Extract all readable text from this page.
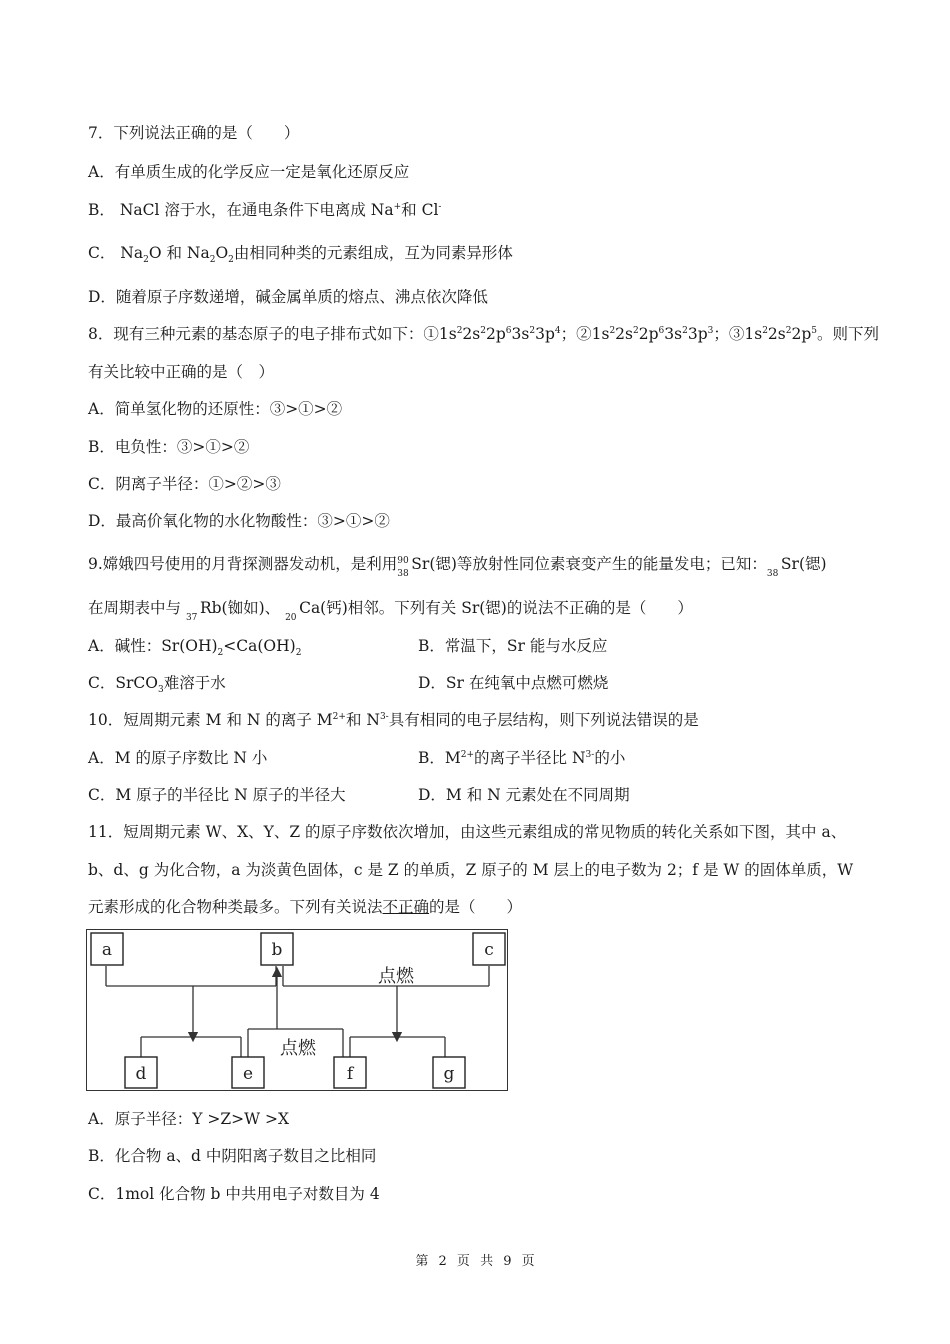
7．下列说法正确的是（　　）
A．有单质生成的化学反应一定是氧化还原反应
B． NaCl 溶于水，在通电条件下电离成 Na+和 Cl-
C． $Na_2O$ 和 $Na_2O_2$由相同种类的元素组成，互为同素异形体
D．随着原子序数递增，碱金属单质的熔点、沸点依次降低
8．现有三种元素的基态原子的电子排布式如下：$①1s^22s^22p^63s^23p^4$；$②1s^22s^22p^63s^23p^3$；$③1s^22s^22p^5$。则下列
有关比较中正确的是（　）
A．简单氢化物的还原性：③>①>②
B．电负性：③>①>②
C．阴离子半径：①>②>③
D．最高价氧化物的水化物酸性：③>①>②
9.嫦娥四号使用的月背探测器发动机，是利用 90
38
Sr(锶)等放射性同位素衰变产生的能量发电；已知：
38
Sr(锶)
在周期表中与
37
Rb(铷如)、
20
Ca(钙)相邻。下列有关 Sr(锶)的说法不正确的是（　　）
A．碱性：$Sr(OH)_2<Ca(OH)_2$	B．常温下，Sr 能与水反应
C．SrCO$_3$难溶于水	D．Sr 在纯氧中点燃可燃烧
10．短周期元素 M 和 N 的离子 $M^{2+}$和 $N^{3-}$具有相同的电子层结构，则下列说法错误的是
A．M 的原子序数比 N 小	B．$M^{2+}$的离子半径比 $N^{3-}$的小
C．M 原子的半径比 N 原子的半径大	D．M 和 N 元素处在不同周期
11．短周期元素 W、X、Y、Z 的原子序数依次增加，由这些元素组成的常见物质的转化关系如下图，其中 a、
b、d、g 为化合物，a 为淡黄色固体，c 是 Z 的单质，Z 原子的 M 层上的电子数为 2；f 是 W 的固体单质，W
元素形成的化合物种类最多。下列有关说法不正确的是（　　）
a	b	c
d	e	f	g
点燃
点燃
A．原子半径：Y >Z>W >X
B．化合物 a、d 中阴阳离子数目之比相同
C．1mol 化合物 b 中共用电子对数目为 4
第 2 页 共 9 页
